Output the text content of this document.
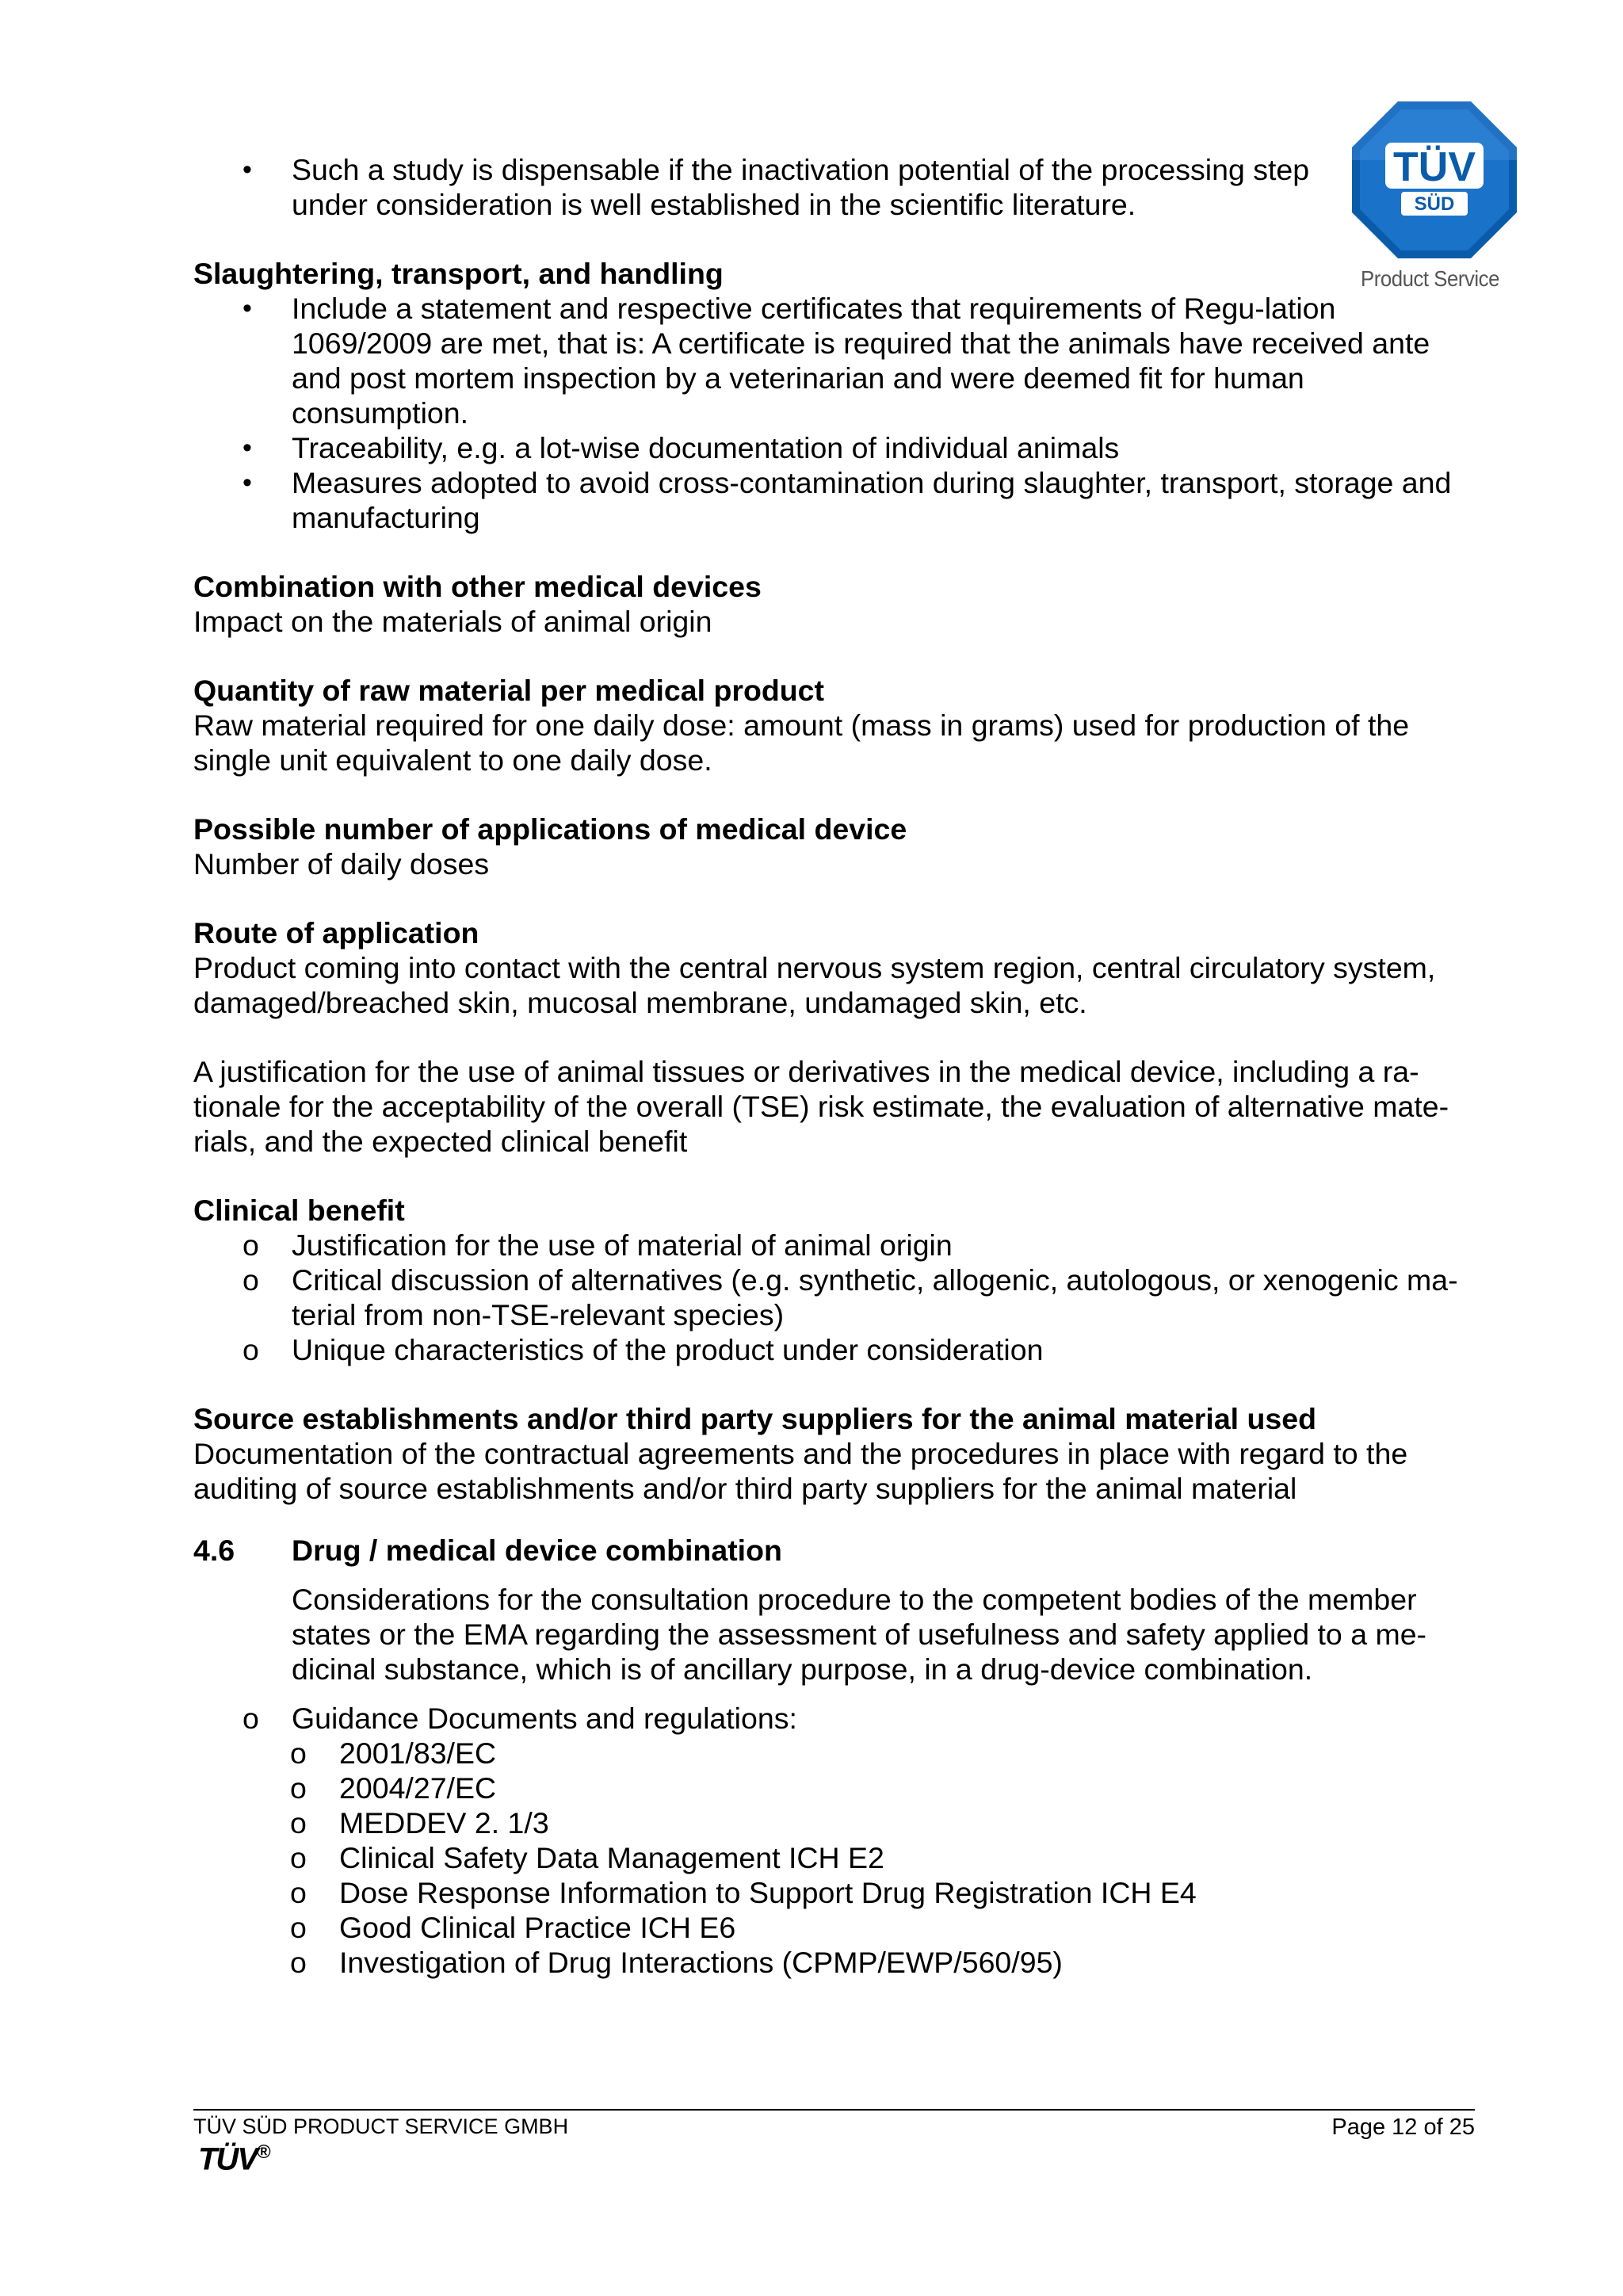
TÜV
SÜD
Product Service
• Such a study is dispensable if the inactivation potential of the processing step under consideration is well established in the scientific literature.

Slaughtering, transport, and handling

• Include a statement and respective certificates that requirements of Regu-lation 1069/2009 are met, that is: A certificate is required that the animals have received ante and post mortem inspection by a veterinarian and were deemed fit for human consumption.
• Traceability, e.g. a lot-wise documentation of individual animals
• Measures adopted to avoid cross-contamination during slaughter, transport, storage and manufacturing

Combination with other medical devices

Impact on the materials of animal origin

Quantity of raw material per medical product

Raw material required for one daily dose: amount (mass in grams) used for production of the single unit equivalent to one daily dose.

Possible number of applications of medical device

Number of daily doses

Route of application

Product coming into contact with the central nervous system region, central circulatory system, damaged/breached skin, mucosal membrane, undamaged skin, etc.

A justification for the use of animal tissues or derivatives in the medical device, including a ra-tionale for the acceptability of the overall (TSE) risk estimate, the evaluation of alternative mate-rials, and the expected clinical benefit

Clinical benefit

o Justification for the use of material of animal origin
o Critical discussion of alternatives (e.g. synthetic, allogenic, autologous, or xenogenic ma-terial from non-TSE-relevant species)
o Unique characteristics of the product under consideration

Source establishments and/or third party suppliers for the animal material used

Documentation of the contractual agreements and the procedures in place with regard to the auditing of source establishments and/or third party suppliers for the animal material

4.6	Drug / medical device combination

Considerations for the consultation procedure to the competent bodies of the member states or the EMA regarding the assessment of usefulness and safety applied to a me-dicinal substance, which is of ancillary purpose, in a drug-device combination.

o Guidance Documents and regulations:
o 2001/83/EC
o 2004/27/EC
o MEDDEV 2. 1/3
o Clinical Safety Data Management ICH E2
o Dose Response Information to Support Drug Registration ICH E4
o Good Clinical Practice ICH E6
o Investigation of Drug Interactions (CPMP/EWP/560/95)
TÜV SÜD PRODUCT SERVICE GMBH	Page 12 of 25
TÜV®
